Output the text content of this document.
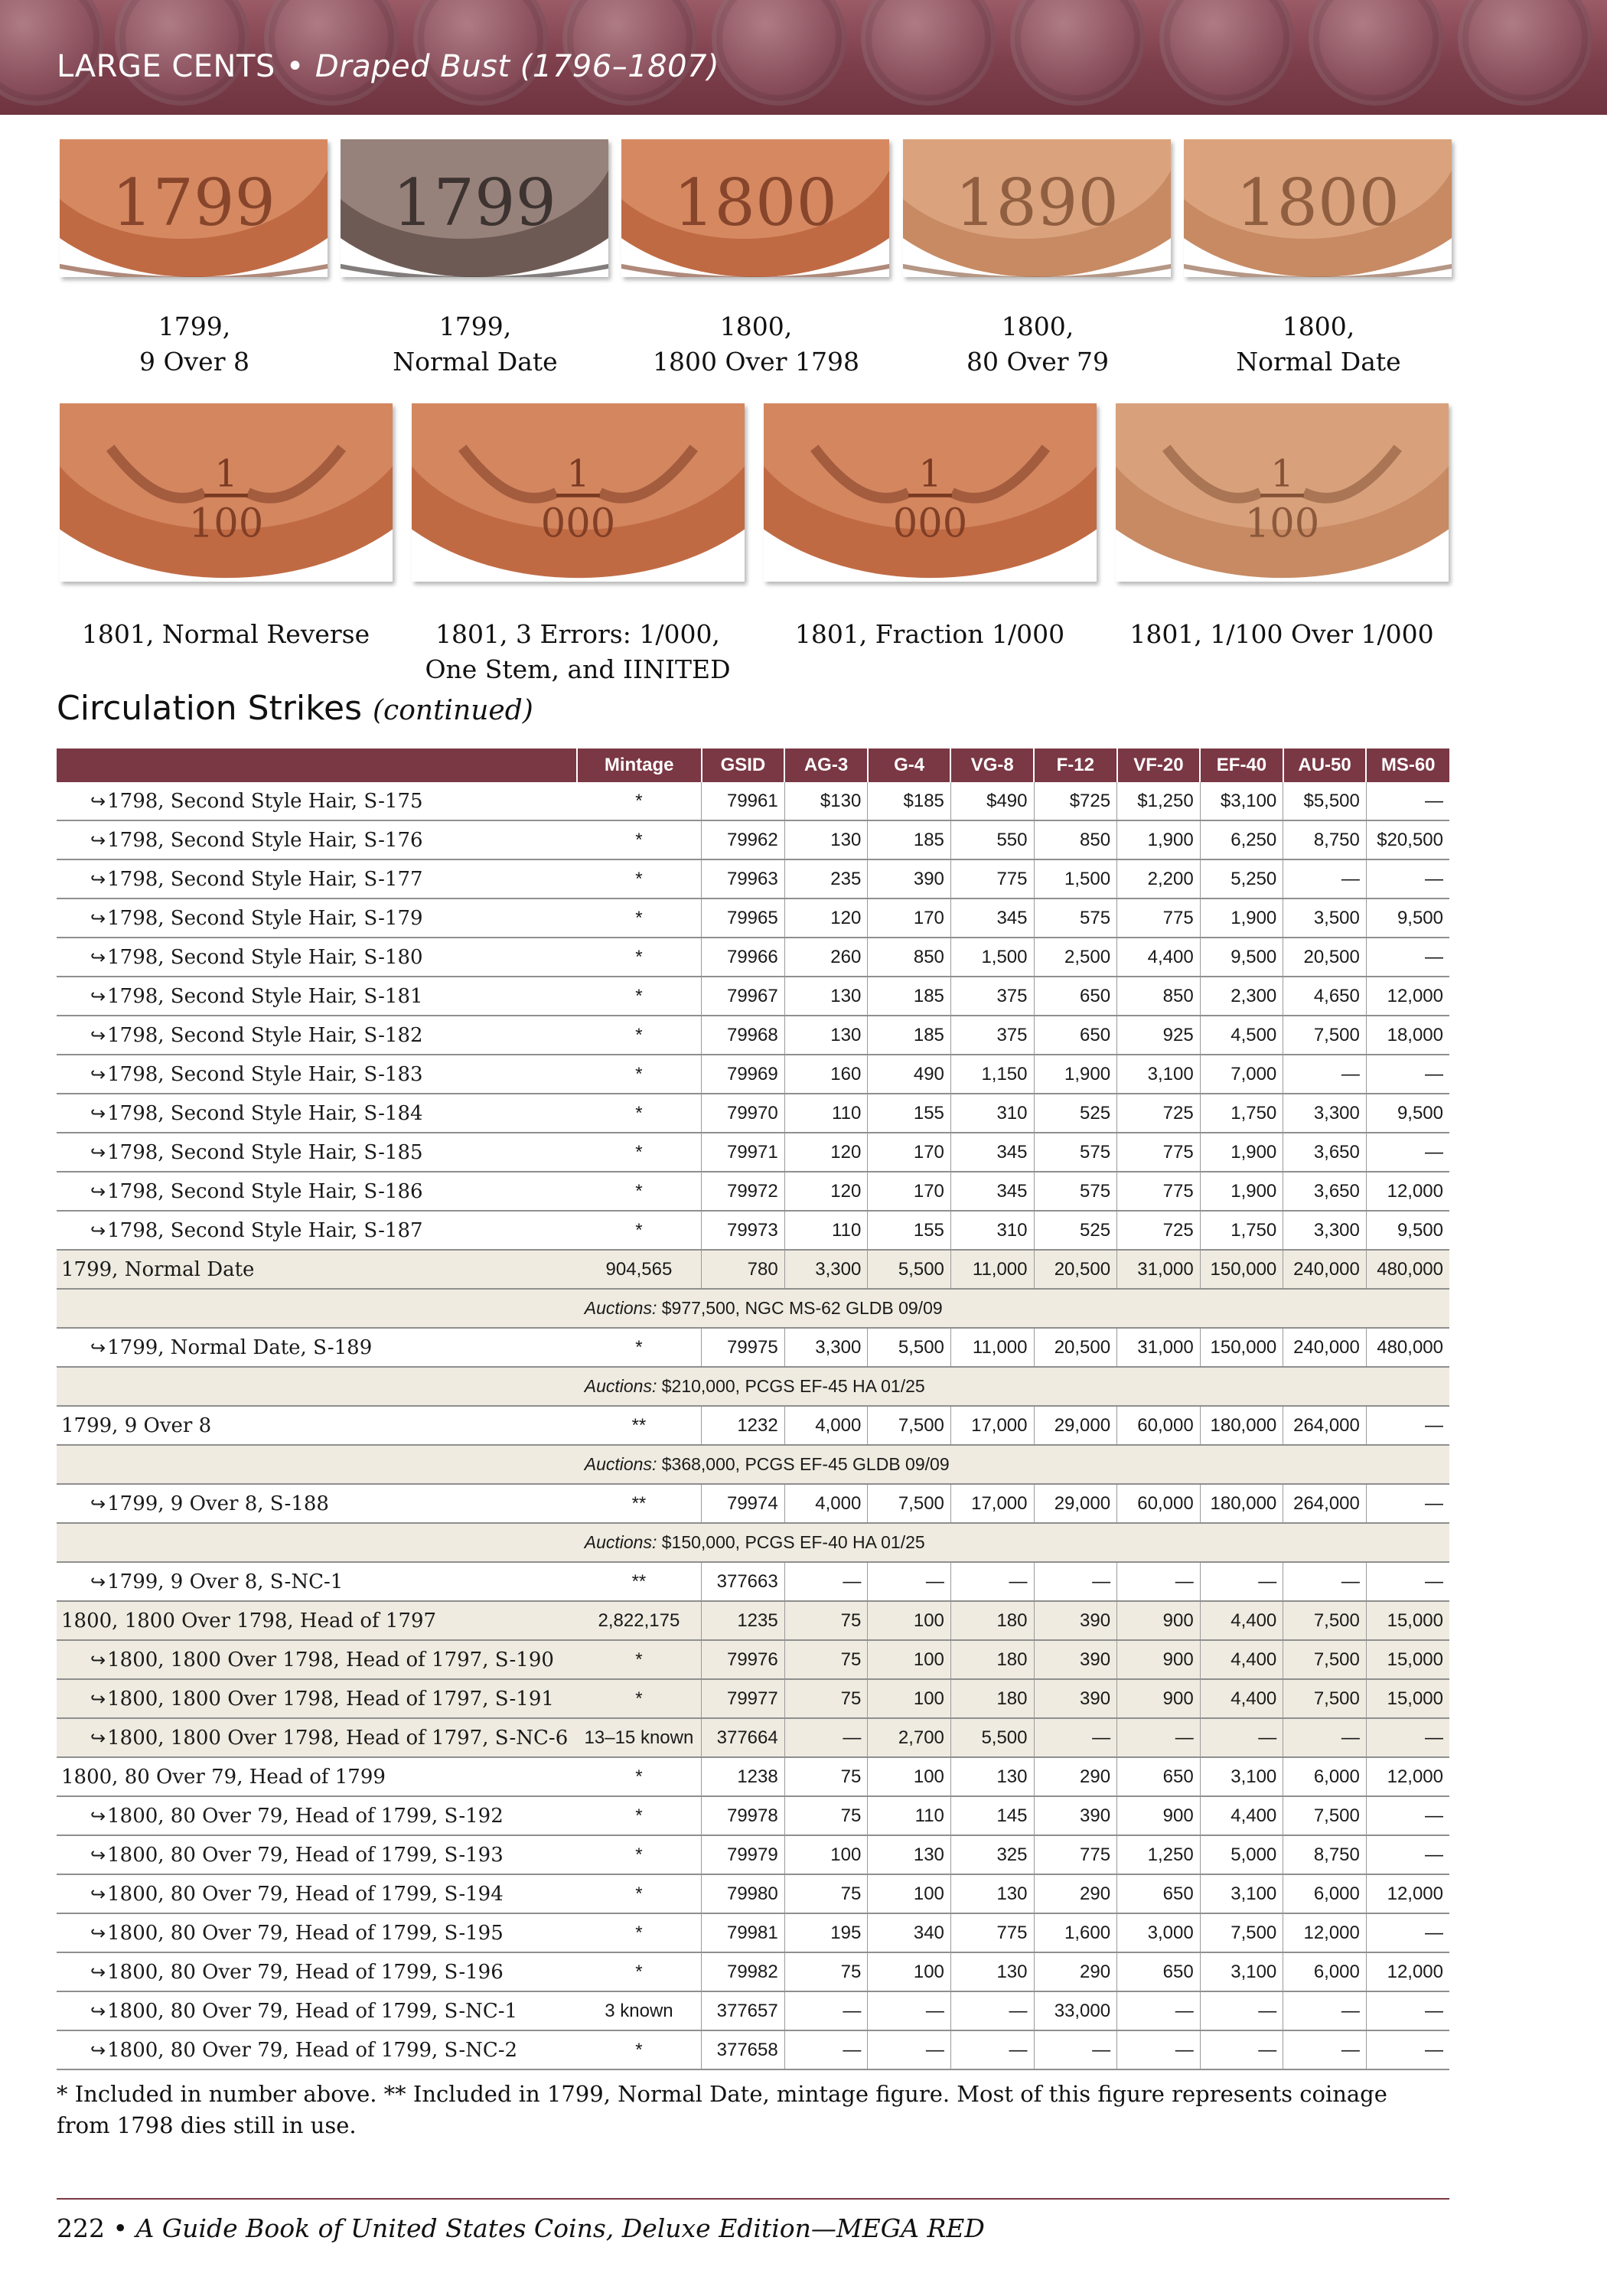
LARGE CENTS • Draped Bust (1796–1807)
1799
1799,
9 Over 8
1799
1799,
Normal Date
1800
1800,
1800 Over 1798
1890
1800,
80 Over 79
1800
1800,
Normal Date
1
100
1801, Normal Reverse
1
000
1801, 3 Errors: 1/000,
One Stem, and IINITED
1
000
1801, Fraction 1/000
1
100
1801, 1/100 Over 1/000
Circulation Strikes (continued)
	Mintage	GSID	AG-3	G-4	VG-8	F-12	VF-20	EF-40	AU-50	MS-60
↪1798, Second Style Hair, S-175	*	79961	$130	$185	$490	$725	$1,250	$3,100	$5,500	—
↪1798, Second Style Hair, S-176	*	79962	130	185	550	850	1,900	6,250	8,750	$20,500
↪1798, Second Style Hair, S-177	*	79963	235	390	775	1,500	2,200	5,250	—	—
↪1798, Second Style Hair, S-179	*	79965	120	170	345	575	775	1,900	3,500	9,500
↪1798, Second Style Hair, S-180	*	79966	260	850	1,500	2,500	4,400	9,500	20,500	—
↪1798, Second Style Hair, S-181	*	79967	130	185	375	650	850	2,300	4,650	12,000
↪1798, Second Style Hair, S-182	*	79968	130	185	375	650	925	4,500	7,500	18,000
↪1798, Second Style Hair, S-183	*	79969	160	490	1,150	1,900	3,100	7,000	—	—
↪1798, Second Style Hair, S-184	*	79970	110	155	310	525	725	1,750	3,300	9,500
↪1798, Second Style Hair, S-185	*	79971	120	170	345	575	775	1,900	3,650	—
↪1798, Second Style Hair, S-186	*	79972	120	170	345	575	775	1,900	3,650	12,000
↪1798, Second Style Hair, S-187	*	79973	110	155	310	525	725	1,750	3,300	9,500
1799, Normal Date	904,565	780	3,300	5,500	11,000	20,500	31,000	150,000	240,000	480,000
	Auctions: $977,500, NGC MS-62 GLDB 09/09									
↪1799, Normal Date, S-189	*	79975	3,300	5,500	11,000	20,500	31,000	150,000	240,000	480,000
	Auctions: $210,000, PCGS EF-45 HA 01/25									
1799, 9 Over 8	**	1232	4,000	7,500	17,000	29,000	60,000	180,000	264,000	—
	Auctions: $368,000, PCGS EF-45 GLDB 09/09									
↪1799, 9 Over 8, S-188	**	79974	4,000	7,500	17,000	29,000	60,000	180,000	264,000	—
	Auctions: $150,000, PCGS EF-40 HA 01/25									
↪1799, 9 Over 8, S-NC-1	**	377663	—	—	—	—	—	—	—	—
1800, 1800 Over 1798, Head of 1797	2,822,175	1235	75	100	180	390	900	4,400	7,500	15,000
↪1800, 1800 Over 1798, Head of 1797, S-190	*	79976	75	100	180	390	900	4,400	7,500	15,000
↪1800, 1800 Over 1798, Head of 1797, S-191	*	79977	75	100	180	390	900	4,400	7,500	15,000
↪1800, 1800 Over 1798, Head of 1797, S-NC-6	13–15 known	377664	—	2,700	5,500	—	—	—	—	—
1800, 80 Over 79, Head of 1799	*	1238	75	100	130	290	650	3,100	6,000	12,000
↪1800, 80 Over 79, Head of 1799, S-192	*	79978	75	110	145	390	900	4,400	7,500	—
↪1800, 80 Over 79, Head of 1799, S-193	*	79979	100	130	325	775	1,250	5,000	8,750	—
↪1800, 80 Over 79, Head of 1799, S-194	*	79980	75	100	130	290	650	3,100	6,000	12,000
↪1800, 80 Over 79, Head of 1799, S-195	*	79981	195	340	775	1,600	3,000	7,500	12,000	—
↪1800, 80 Over 79, Head of 1799, S-196	*	79982	75	100	130	290	650	3,100	6,000	12,000
↪1800, 80 Over 79, Head of 1799, S-NC-1	3 known	377657	—	—	—	33,000	—	—	—	—
↪1800, 80 Over 79, Head of 1799, S-NC-2	*	377658	—	—	—	—	—	—	—	—
* Included in number above. ** Included in 1799, Normal Date, mintage figure. Most of this figure represents coinage from 1798 dies still in use.
222 • A Guide Book of United States Coins, Deluxe Edition—MEGA RED
